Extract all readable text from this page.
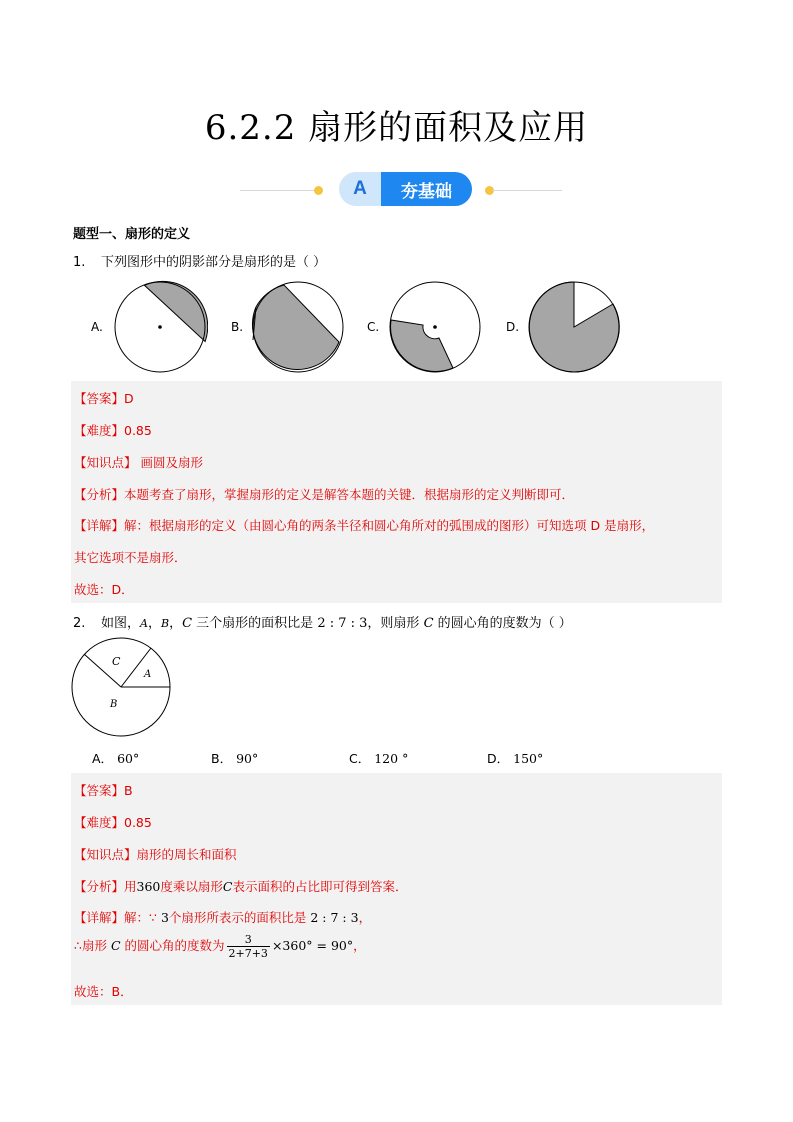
6.2.2 扇形的面积及应用
A	夯基础
题型一、扇形的定义
1. 下列图形中的阴影部分是扇形的是（ ）
A.	B.	C.	D.
【答案】D
【难度】0.85
【知识点】 画圆及扇形
【分析】本题考查了扇形，掌握扇形的定义是解答本题的关键．根据扇形的定义判断即可．
【详解】解：根据扇形的定义（由圆心角的两条半径和圆心角所对的弧围成的图形）可知选项 D 是扇形，
其它选项不是扇形．
故选：D．
2. 如图，A，B，C 三个扇形的面积比是 2 : 7 : 3，则扇形 C 的圆心角的度数为（ ）
C
A
B
A． 60°	B． 90°	C． 120 °	D． 150°
【答案】B
【难度】0.85
【知识点】扇形的周长和面积
【分析】用360度乘以扇形C表示面积的占比即可得到答案．
【详解】解：∵ 3个扇形所表示的面积比是 2 : 7 : 3，
∴扇形 C 的圆心角的度数为 $\frac{3}{2+7+3} \times 360^\circ = 90^\circ$，
故选：B．
